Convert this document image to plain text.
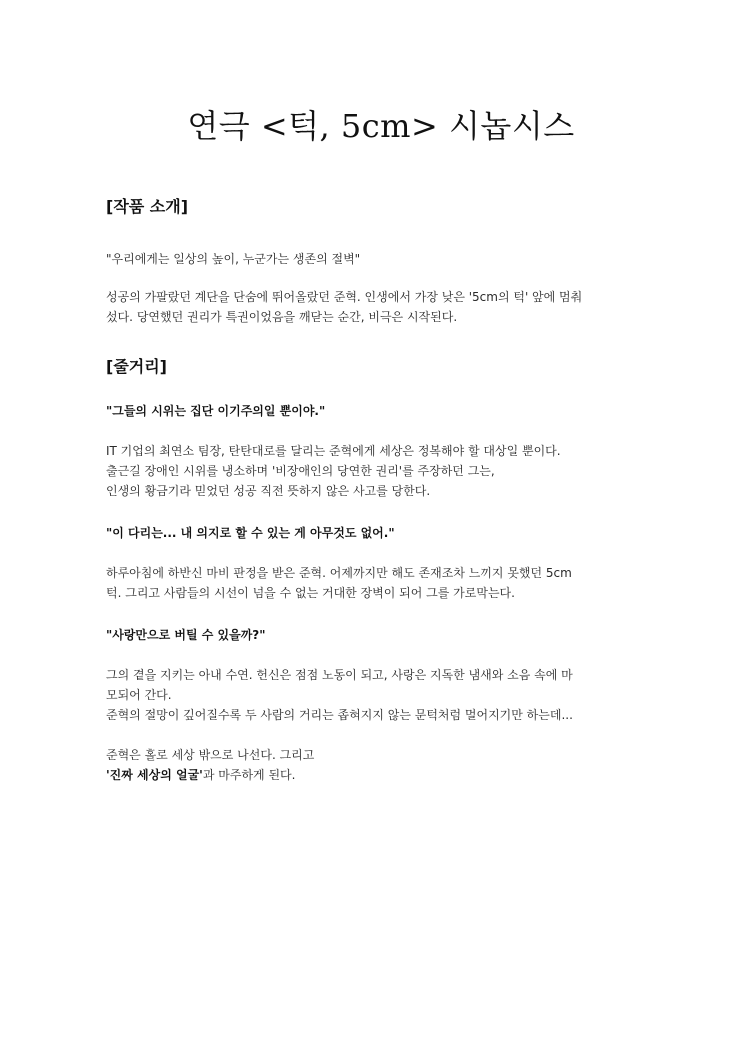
연극 <턱, 5cm> 시놉시스
[작품 소개]

"우리에게는 일상의 높이, 누군가는 생존의 절벽"

성공의 가팔랐던 계단을 단숨에 뛰어올랐던 준혁. 인생에서 가장 낮은 '5cm의 턱' 앞에 멈춰
섰다. 당연했던 권리가 특권이었음을 깨닫는 순간, 비극은 시작된다.

[줄거리]

"그들의 시위는 집단 이기주의일 뿐이야."

IT 기업의 최연소 팀장, 탄탄대로를 달리는 준혁에게 세상은 정복해야 할 대상일 뿐이다.
출근길 장애인 시위를 냉소하며 '비장애인의 당연한 권리'를 주장하던 그는,
인생의 황금기라 믿었던 성공 직전 뜻하지 않은 사고를 당한다.

"이 다리는... 내 의지로 할 수 있는 게 아무것도 없어."

하루아침에 하반신 마비 판정을 받은 준혁. 어제까지만 해도 존재조차 느끼지 못했던 5cm
턱. 그리고 사람들의 시선이 넘을 수 없는 거대한 장벽이 되어 그를 가로막는다.

"사랑만으로 버틸 수 있을까?"

그의 곁을 지키는 아내 수연. 헌신은 점점 노동이 되고, 사랑은 지독한 냄새와 소음 속에 마
모되어 간다.
준혁의 절망이 깊어질수록 두 사람의 거리는 좁혀지지 않는 문턱처럼 멀어지기만 하는데...

준혁은 홀로 세상 밖으로 나선다. 그리고
'진짜 세상의 얼굴'과 마주하게 된다.
